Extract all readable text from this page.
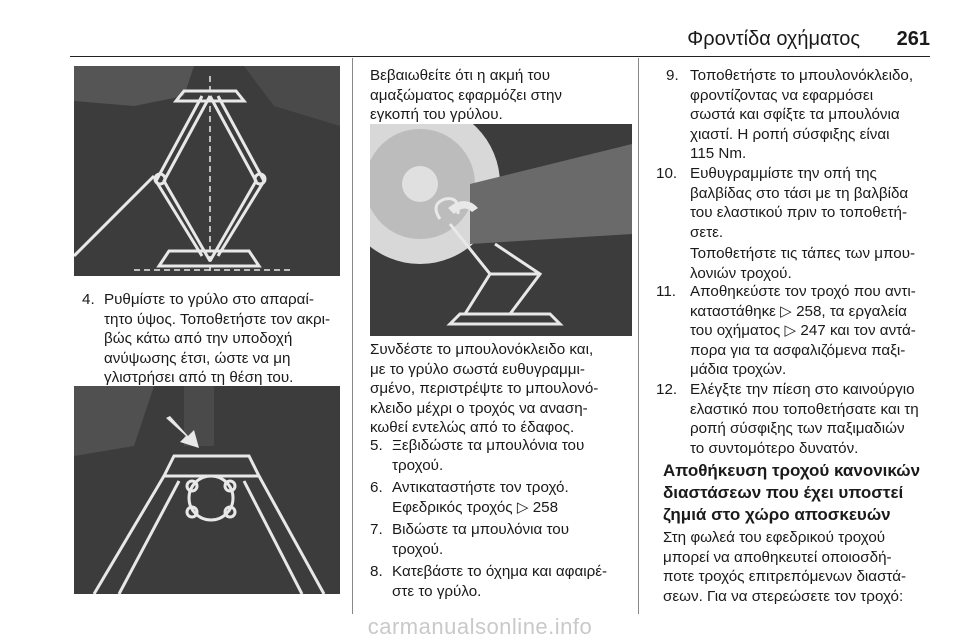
Φροντίδα οχήματος 261
4. Ρυθμίστε το γρύλο στο απαραί-
τητο ύψος. Τοποθετήστε τον ακρι-
βώς κάτω από την υποδοχή
ανύψωσης έτσι, ώστε να μη
γλιστρήσει από τη θέση του.
Βεβαιωθείτε ότι η ακμή του
αμαξώματος εφαρμόζει στην
εγκοπή του γρύλου.
Συνδέστε το μπουλονόκλειδο και,
με το γρύλο σωστά ευθυγραμμι-
σμένο, περιστρέψτε το μπουλονό-
κλειδο μέχρι ο τροχός να αναση-
κωθεί εντελώς από το έδαφος.
5. Ξεβιδώστε τα μπουλόνια του
τροχού.
6. Αντικαταστήστε τον τροχό.
Εφεδρικός τροχός ▷ 258
7. Βιδώστε τα μπουλόνια του
τροχού.
8. Κατεβάστε το όχημα και αφαιρέ-
στε το γρύλο.
9. Τοποθετήστε το μπουλονόκλειδο,
φροντίζοντας να εφαρμόσει
σωστά και σφίξτε τα μπουλόνια
χιαστί. Η ροπή σύσφιξης είναι
115 Nm.
10. Ευθυγραμμίστε την οπή της
βαλβίδας στο τάσι με τη βαλβίδα
του ελαστικού πριν το τοποθετή-
σετε.
Τοποθετήστε τις τάπες των μπου-
λονιών τροχού.
11. Αποθηκεύστε τον τροχό που αντι-
καταστάθηκε ▷ 258, τα εργαλεία
του οχήματος ▷ 247 και τον αντά-
πορα για τα ασφαλιζόμενα παξι-
μάδια τροχών.
12. Ελέγξτε την πίεση στο καινούργιο
ελαστικό που τοποθετήσατε και τη
ροπή σύσφιξης των παξιμαδιών
το συντομότερο δυνατόν.
Αποθήκευση τροχού κανονικών
διαστάσεων που έχει υποστεί
ζημιά στο χώρο αποσκευών
Στη φωλεά του εφεδρικού τροχού
μπορεί να αποθηκευτεί οποιοσδή-
ποτε τροχός επιτρεπόμενων διαστά-
σεων. Για να στερεώσετε τον τροχό:
carmanualsonline.info
